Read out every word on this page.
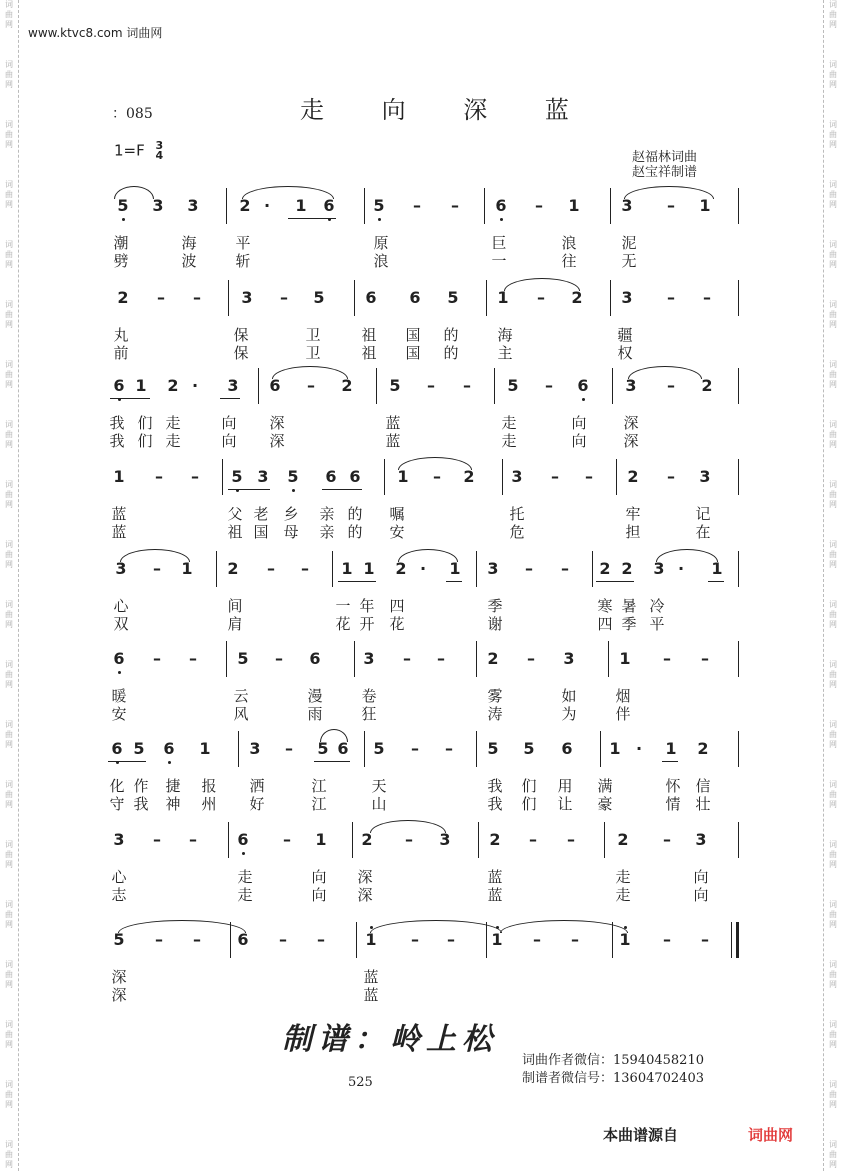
词
曲
网
词
曲
网
词
曲
网
词
曲
网
词
曲
网
词
曲
网
词
曲
网
词
曲
网
词
曲
网
词
曲
网
词
曲
网
词
曲
网
词
曲
网
词
曲
网
词
曲
网
词
曲
网
词
曲
网
词
曲
网
词
曲
网
词
曲
网
词
曲
网
词
曲
网
词
曲
网
词
曲
网
词
曲
网
词
曲
网
词
曲
网
词
曲
网
词
曲
网
词
曲
网
词
曲
网
词
曲
网
词
曲
网
词
曲
网
词
曲
网
词
曲
网
词
曲
网
词
曲
网
词
曲
网
词
曲
网
www.ktvc8.com 词曲网
：085	走 向 深 蓝
1=F 3
4	赵福林词曲
赵宝祥制谱
5 3 3	2 · 1 6 5 – – 6 – 1	3 – 1
潮	海	平	原	巨	浪	泥
劈	波	斩	浪	一	往	无
2 – –	3 – 5	6 6 5 1 – 2 3 – –
丸	保	卫	祖 国 的	海	疆
前	保	卫	祖 国 的	主	权
6 1 2 · 3 6 – 2 5 – – 5 – 6 3 – 2
我 们 走	向 深	蓝	走	向 深
我 们 走	向 深	蓝	走	向 深
1 – – 5 3 5 6 6 1 – 2 3 – – 2 – 3
蓝	父 老 乡 亲 的 嘱	托	牢	记
蓝	祖 国 母 亲 的 安	危	担	在
3 – 1 2 – – 1 1 2 · 1 3 – – 2 2 3 · 1
心	间	一 年 四	季	寒 暑 冷
双	肩	花 开 花	谢	四 季 平
6 – –	5 – 6	3 – –	2 – 3	1 – –
暖	云	漫	卷	雾	如	烟
安	风	雨	狂	涛	为	伴
6 5 6 1 3 – 5 6 5 – – 5 5 6 1 · 1 2
化 作 捷 报 洒	江	天	我 们 用 满	怀 信
守 我 神 州 好	江	山	我 们 让 豪	情 壮
3 – –	6 – 1 2 – 3 2 – –	2 – 3
心	走	向 深	蓝	走	向
志	走	向 深	蓝	走	向
5 – – 6 – –	1 – – 1 – –	1 – –
深	蓝
深	蓝
制谱：岭上松
词曲作者微信：15940458210
制谱者微信号：13604702403
525
本曲谱源自	词曲网
